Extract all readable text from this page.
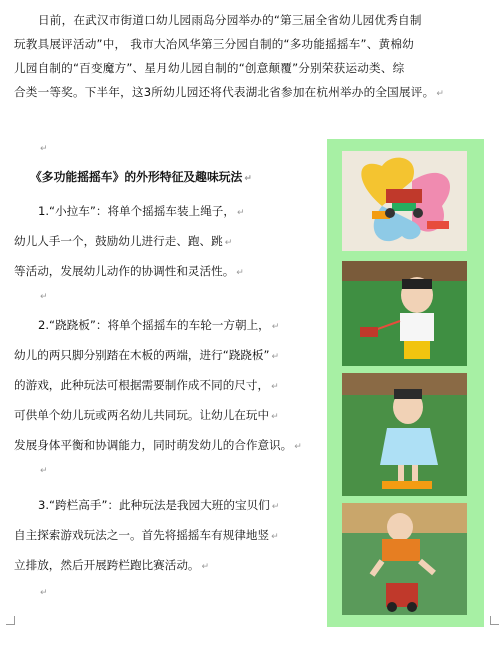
日前，在武汉市街道口幼儿园雨岛分园举办的“第三届全省幼儿园优秀自制
玩教具展评活动”中， 我市大冶风华第三分园自制的“多功能摇摇车”、黄棉幼
儿园自制的“百变魔方”、星月幼儿园自制的“创意颠覆”分别荣获运动类、综
合类一等奖。下半年，这3所幼儿园还将代表湖北省参加在杭州举办的全国展评。 ↵
↵
《多功能摇摇车》的外形特征及趣味玩法 ↵
1.“小拉车”：将单个摇摇车装上绳子， ↵
幼儿人手一个，鼓励幼儿进行走、跑、跳 ↵
等活动，发展幼儿动作的协调性和灵活性。 ↵
↵
2.“跷跷板”：将单个摇摇车的车轮一方朝上， ↵
幼儿的两只脚分别踏在木板的两端，进行“跷跷板” ↵
的游戏，此种玩法可根据需要制作成不同的尺寸， ↵
可供单个幼儿玩或两名幼儿共同玩。让幼儿在玩中 ↵
发展身体平衡和协调能力，同时萌发幼儿的合作意识。 ↵
↵
3.“跨栏高手”：此种玩法是我园大班的宝贝们 ↵
自主探索游戏玩法之一。首先将摇摇车有规律地竖 ↵
立排放，然后开展跨栏跑比赛活动。 ↵
↵
